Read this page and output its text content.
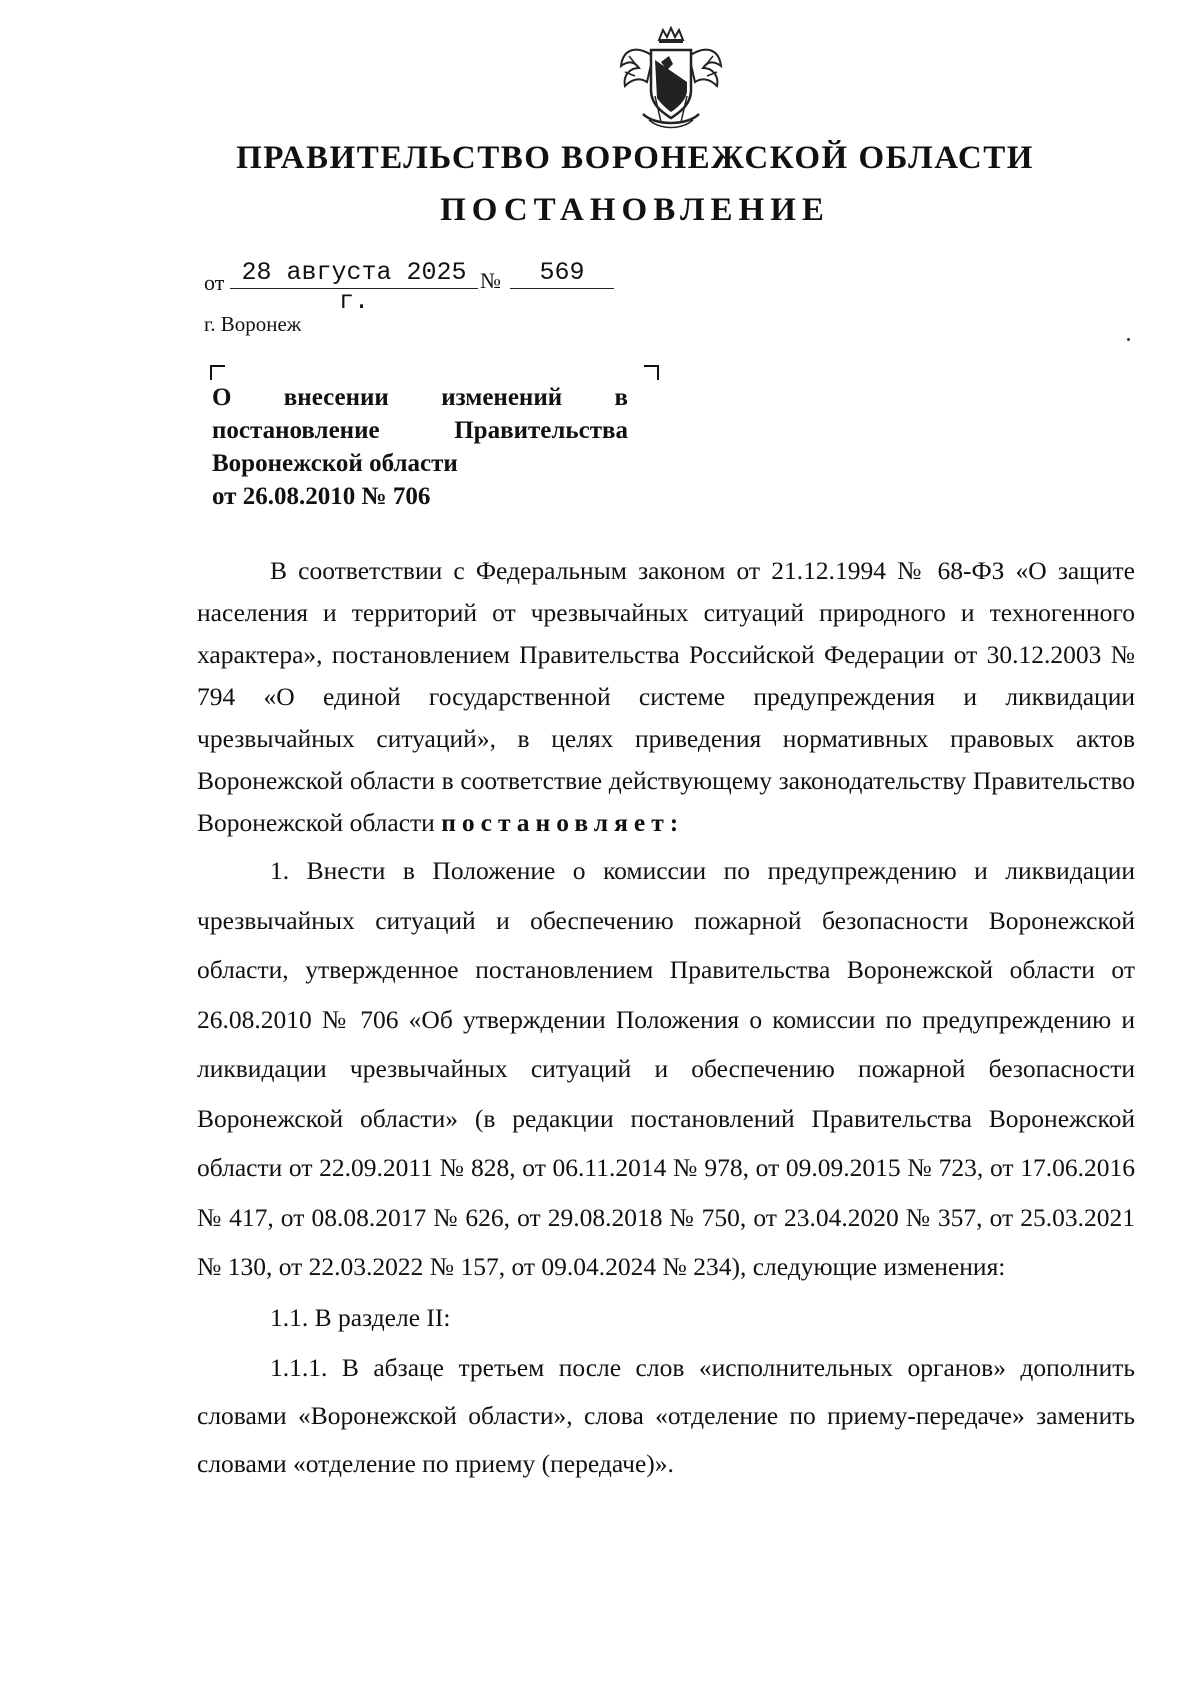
ПРАВИТЕЛЬСТВО ВОРОНЕЖСКОЙ ОБЛАСТИ
ПОСТАНОВЛЕНИЕ
от 28 августа 2025 г.
№	569
г. Воронеж
О внесении изменений в
постановление Правительства
Воронежской области
от 26.08.2010 № 706

В соответствии с Федеральным законом от 21.12.1994 № 68-ФЗ «О защите населения и территорий от чрезвычайных ситуаций природного и техногенного характера», постановлением Правительства Российской Федерации от 30.12.2003 № 794 «О единой государственной системе предупреждения и ликвидации чрезвычайных ситуаций», в целях приведения нормативных правовых актов Воронежской области в соответствие действующему законодательству Правительство Воронежской области постановляет:

1. Внести в Положение о комиссии по предупреждению и ликвидации чрезвычайных ситуаций и обеспечению пожарной безопасности Воронежской области, утвержденное постановлением Правительства Воронежской области от 26.08.2010 № 706 «Об утверждении Положения о комиссии по предупреждению и ликвидации чрезвычайных ситуаций и обеспечению пожарной безопасности Воронежской области» (в редакции постановлений Правительства Воронежской области от 22.09.2011 № 828, от 06.11.2014 № 978, от 09.09.2015 № 723, от 17.06.2016 № 417, от 08.08.2017 № 626, от 29.08.2018 № 750, от 23.04.2020 № 357, от 25.03.2021 № 130, от 22.03.2022 № 157, от 09.04.2024 № 234), следующие изменения:

1.1. В разделе II:

1.1.1. В абзаце третьем после слов «исполнительных органов» дополнить словами «Воронежской области», слова «отделение по приему-передаче» заменить словами «отделение по приему (передаче)».
